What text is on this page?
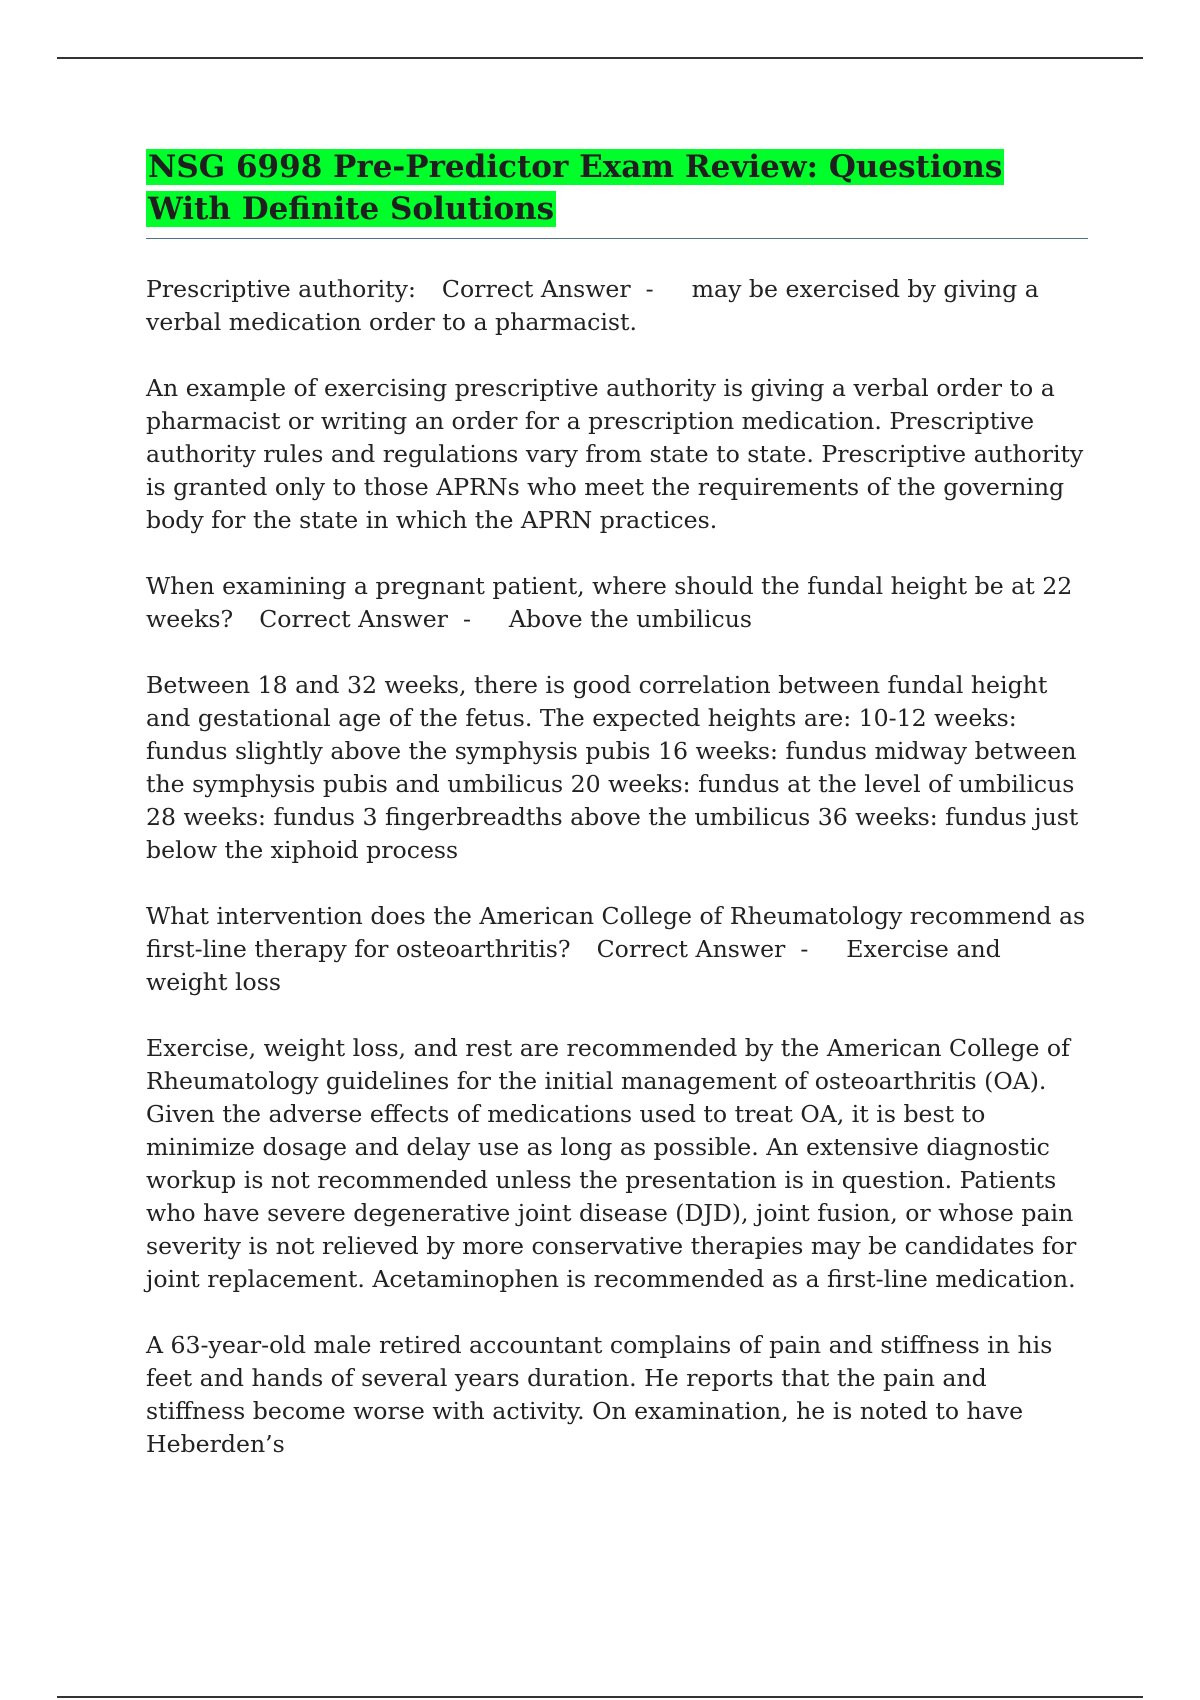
NSG 6998 Pre-Predictor Exam Review: Questions With Definite Solutions

Prescriptive authority: Correct Answer - may be exercised by giving a verbal medication order to a pharmacist.

An example of exercising prescriptive authority is giving a verbal order to a pharmacist or writing an order for a prescription medication. Prescriptive authority rules and regulations vary from state to state. Prescriptive authority is granted only to those APRNs who meet the requirements of the governing body for the state in which the APRN practices.

When examining a pregnant patient, where should the fundal height be at 22 weeks? Correct Answer - Above the umbilicus

Between 18 and 32 weeks, there is good correlation between fundal height and gestational age of the fetus. The expected heights are: 10-12 weeks: fundus slightly above the symphysis pubis 16 weeks: fundus midway between the symphysis pubis and umbilicus 20 weeks: fundus at the level of umbilicus 28 weeks: fundus 3 fingerbreadths above the umbilicus 36 weeks: fundus just below the xiphoid process

What intervention does the American College of Rheumatology recommend as first-line therapy for osteoarthritis? Correct Answer - Exercise and weight loss

Exercise, weight loss, and rest are recommended by the American College of Rheumatology guidelines for the initial management of osteoarthritis (OA). Given the adverse effects of medications used to treat OA, it is best to minimize dosage and delay use as long as possible. An extensive diagnostic workup is not recommended unless the presentation is in question. Patients who have severe degenerative joint disease (DJD), joint fusion, or whose pain severity is not relieved by more conservative therapies may be candidates for joint replacement. Acetaminophen is recommended as a first-line medication.

A 63-year-old male retired accountant complains of pain and stiffness in his feet and hands of several years duration. He reports that the pain and stiffness become worse with activity. On examination, he is noted to have Heberden’s
